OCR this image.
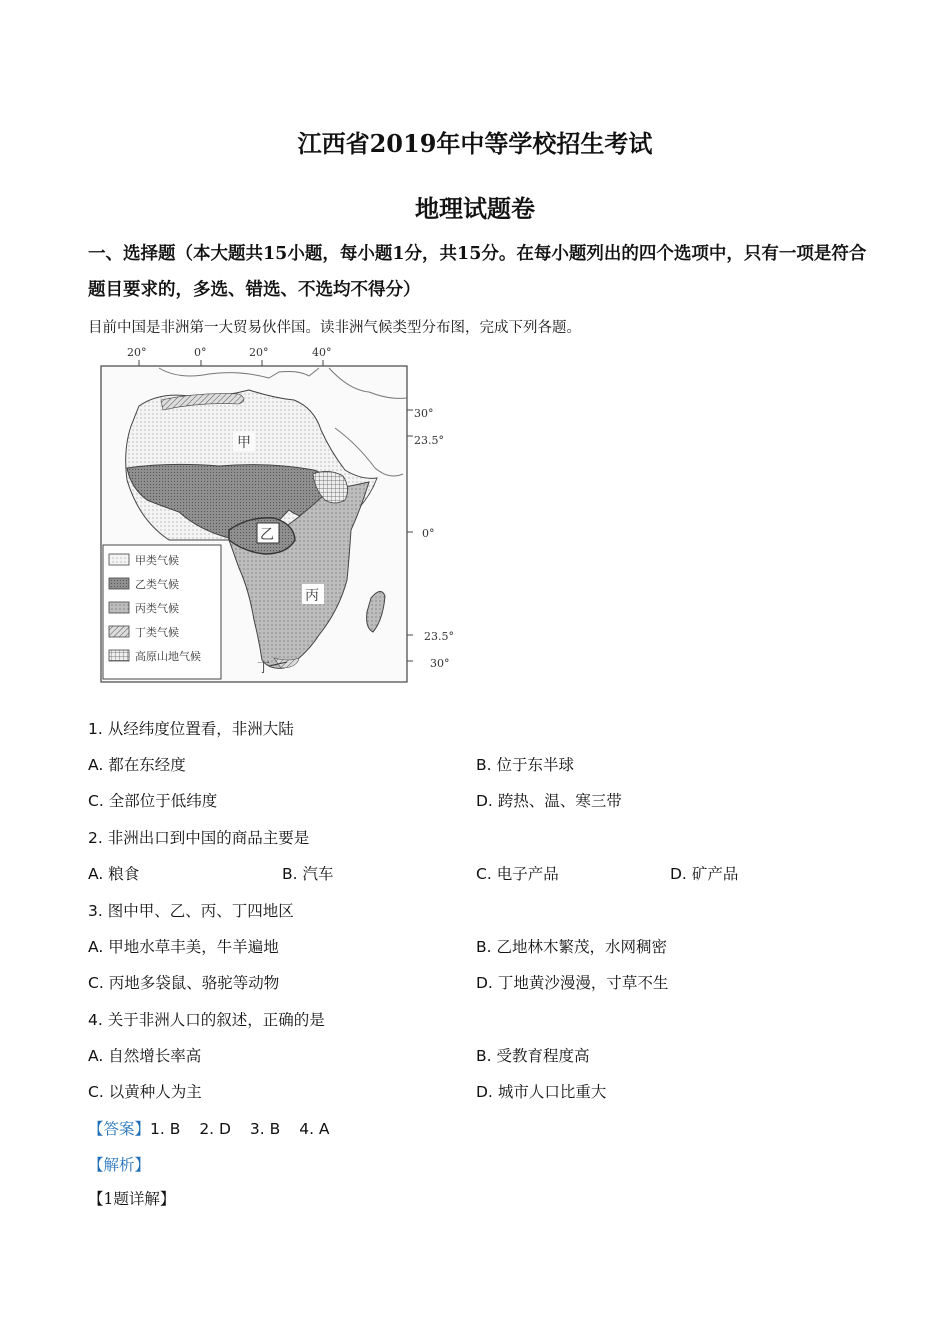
江西省2019年中等学校招生考试
地理试题卷
一、选择题（本大题共15小题，每小题1分，共15分。在每小题列出的四个选项中，只有一项是符合题目要求的，多选、错选、不选均不得分）
目前中国是非洲第一大贸易伙伴国。读非洲气候类型分布图，完成下列各题。
20°	0°	20°	40°
30°
23.5°
0°
23.5°
30°
甲
乙
丙
丁
甲类气候
乙类气候
丙类气候
丁类气候
高原山地气候
1. 从经纬度位置看，非洲大陆
A. 都在东经度	B. 位于东半球
C. 全部位于低纬度	D. 跨热、温、寒三带
2. 非洲出口到中国的商品主要是
A. 粮食	B. 汽车	C. 电子产品	D. 矿产品
3. 图中甲、乙、丙、丁四地区
A. 甲地水草丰美，牛羊遍地	B. 乙地林木繁茂，水网稠密
C. 丙地多袋鼠、骆驼等动物	D. 丁地黄沙漫漫，寸草不生
4. 关于非洲人口的叙述，正确的是
A. 自然增长率高	B. 受教育程度高
C. 以黄种人为主	D. 城市人口比重大
【答案】1. B 2. D 3. B 4. A
【解析】
【1题详解】
